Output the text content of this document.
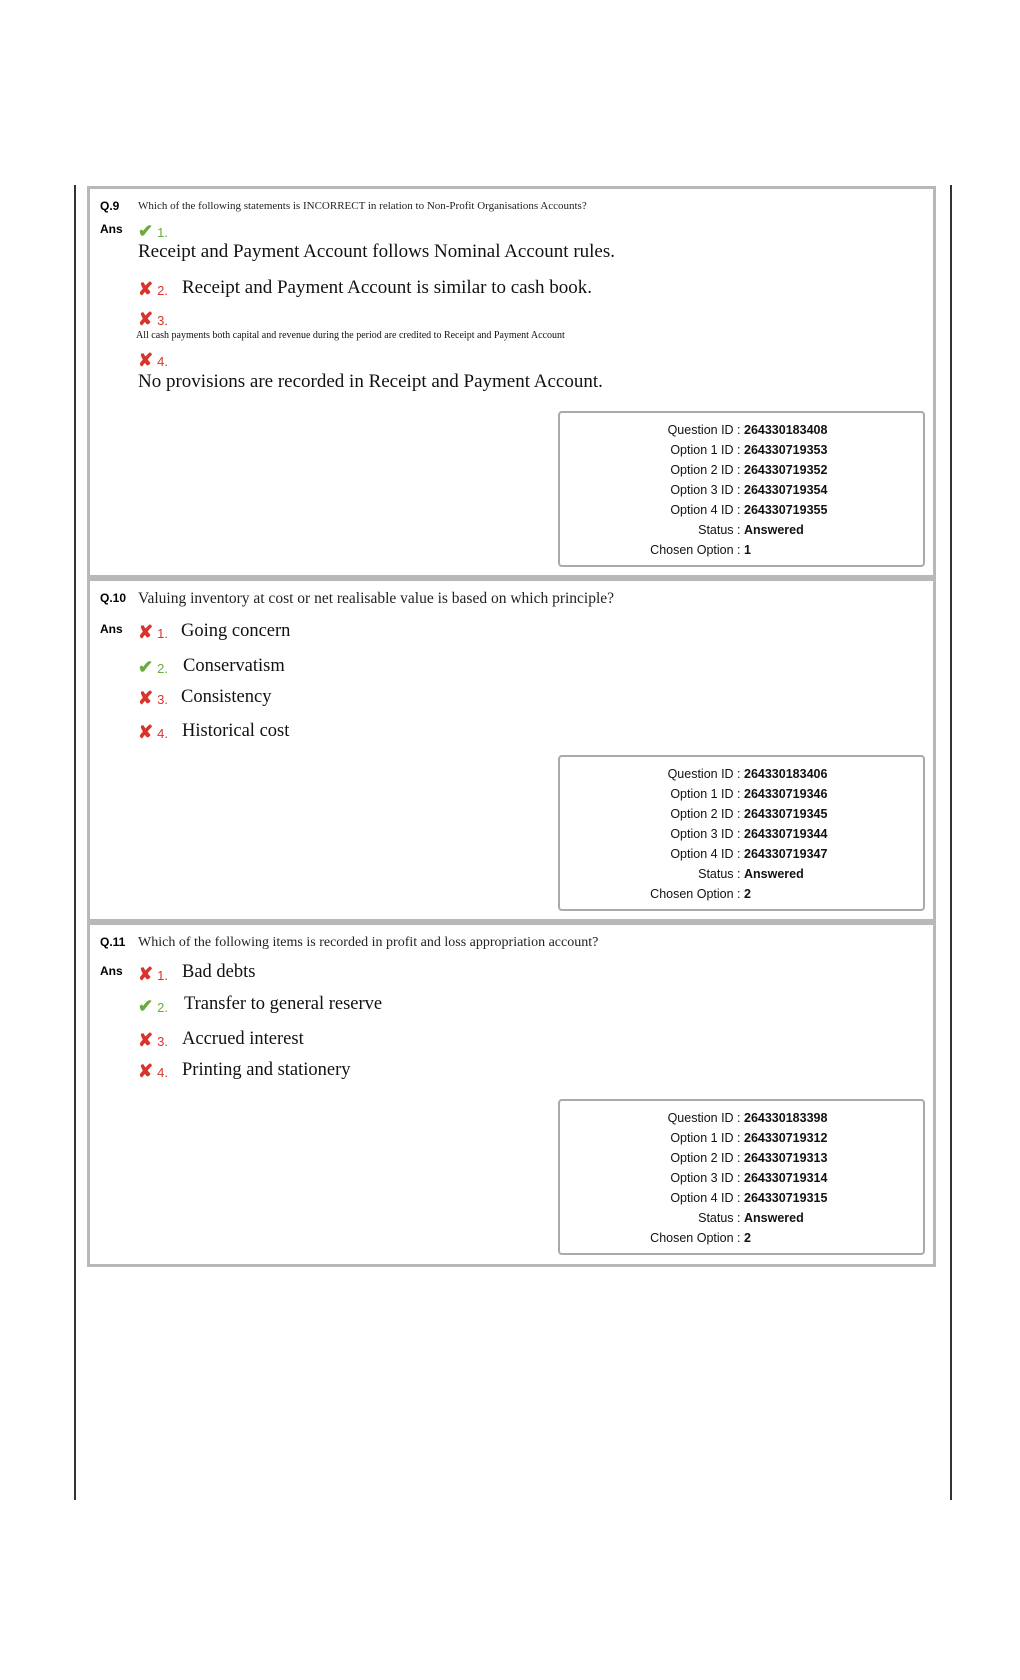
Q.9 Which of the following statements is INCORRECT in relation to Non-Profit Organisations Accounts?
Ans ✔ 1.
Receipt and Payment Account follows Nominal Account rules.
✘ 2. Receipt and Payment Account is similar to cash book.
✘ 3.
All cash payments both capital and revenue during the period are credited to Receipt and Payment Account
✘ 4.
No provisions are recorded in Receipt and Payment Account.
Question ID : 264330183408
Option 1 ID : 264330719353
Option 2 ID : 264330719352
Option 3 ID : 264330719354
Option 4 ID : 264330719355
Status : Answered
Chosen Option : 1
Q.10 Valuing inventory at cost or net realisable value is based on which principle?
Ans ✘ 1. Going concern
✔ 2. Conservatism
✘ 3. Consistency
✘ 4. Historical cost
Question ID : 264330183406
Option 1 ID : 264330719346
Option 2 ID : 264330719345
Option 3 ID : 264330719344
Option 4 ID : 264330719347
Status : Answered
Chosen Option : 2
Q.11 Which of the following items is recorded in profit and loss appropriation account?
Ans ✘ 1. Bad debts
✔ 2. Transfer to general reserve
✘ 3. Accrued interest
✘ 4. Printing and stationery
Question ID : 264330183398
Option 1 ID : 264330719312
Option 2 ID : 264330719313
Option 3 ID : 264330719314
Option 4 ID : 264330719315
Status : Answered
Chosen Option : 2
